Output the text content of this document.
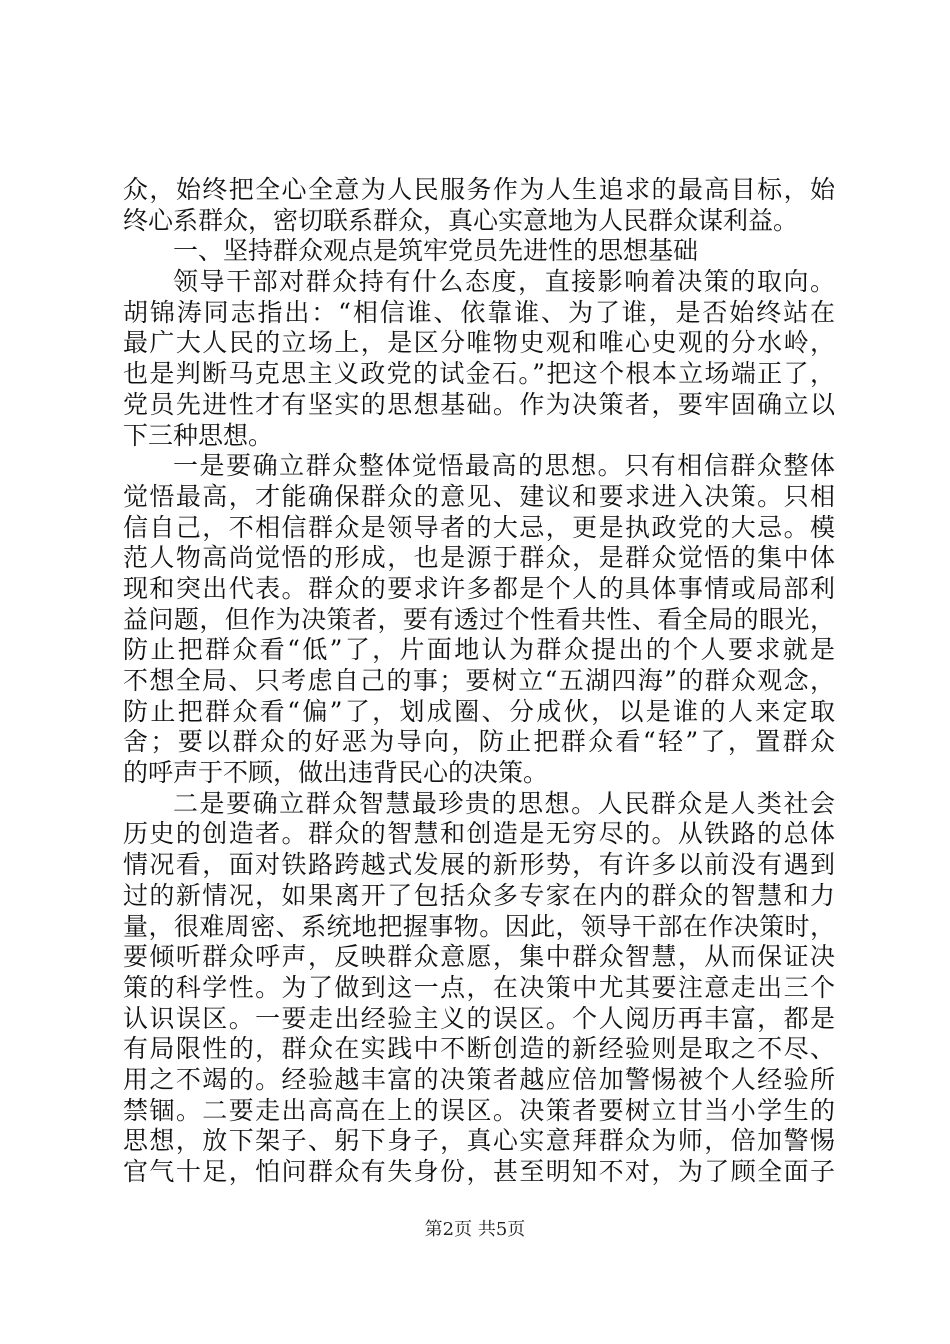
众，始终把全心全意为人民服务作为人生追求的最高目标，始
终心系群众，密切联系群众，真心实意地为人民群众谋利益。
一、坚持群众观点是筑牢党员先进性的思想基础
领导干部对群众持有什么态度，直接影响着决策的取向。
胡锦涛同志指出：“相信谁、依靠谁、为了谁，是否始终站在
最广大人民的立场上，是区分唯物史观和唯心史观的分水岭，
也是判断马克思主义政党的试金石。”把这个根本立场端正了，
党员先进性才有坚实的思想基础。作为决策者，要牢固确立以
下三种思想。
一是要确立群众整体觉悟最高的思想。只有相信群众整体
觉悟最高，才能确保群众的意见、建议和要求进入决策。只相
信自己，不相信群众是领导者的大忌，更是执政党的大忌。模
范人物高尚觉悟的形成，也是源于群众，是群众觉悟的集中体
现和突出代表。群众的要求许多都是个人的具体事情或局部利
益问题，但作为决策者，要有透过个性看共性、看全局的眼光，
防止把群众看“低”了，片面地认为群众提出的个人要求就是
不想全局、只考虑自己的事；要树立“五湖四海”的群众观念，
防止把群众看“偏”了，划成圈、分成伙，以是谁的人来定取
舍；要以群众的好恶为导向，防止把群众看“轻”了，置群众
的呼声于不顾，做出违背民心的决策。
二是要确立群众智慧最珍贵的思想。人民群众是人类社会
历史的创造者。群众的智慧和创造是无穷尽的。从铁路的总体
情况看，面对铁路跨越式发展的新形势，有许多以前没有遇到
过的新情况，如果离开了包括众多专家在内的群众的智慧和力
量，很难周密、系统地把握事物。因此，领导干部在作决策时，
要倾听群众呼声，反映群众意愿，集中群众智慧，从而保证决
策的科学性。为了做到这一点，在决策中尤其要注意走出三个
认识误区。一要走出经验主义的误区。个人阅历再丰富，都是
有局限性的，群众在实践中不断创造的新经验则是取之不尽、
用之不竭的。经验越丰富的决策者越应倍加警惕被个人经验所
禁锢。二要走出高高在上的误区。决策者要树立甘当小学生的
思想，放下架子、躬下身子，真心实意拜群众为师，倍加警惕
官气十足，怕问群众有失身份，甚至明知不对，为了顾全面子
第2页 共5页
